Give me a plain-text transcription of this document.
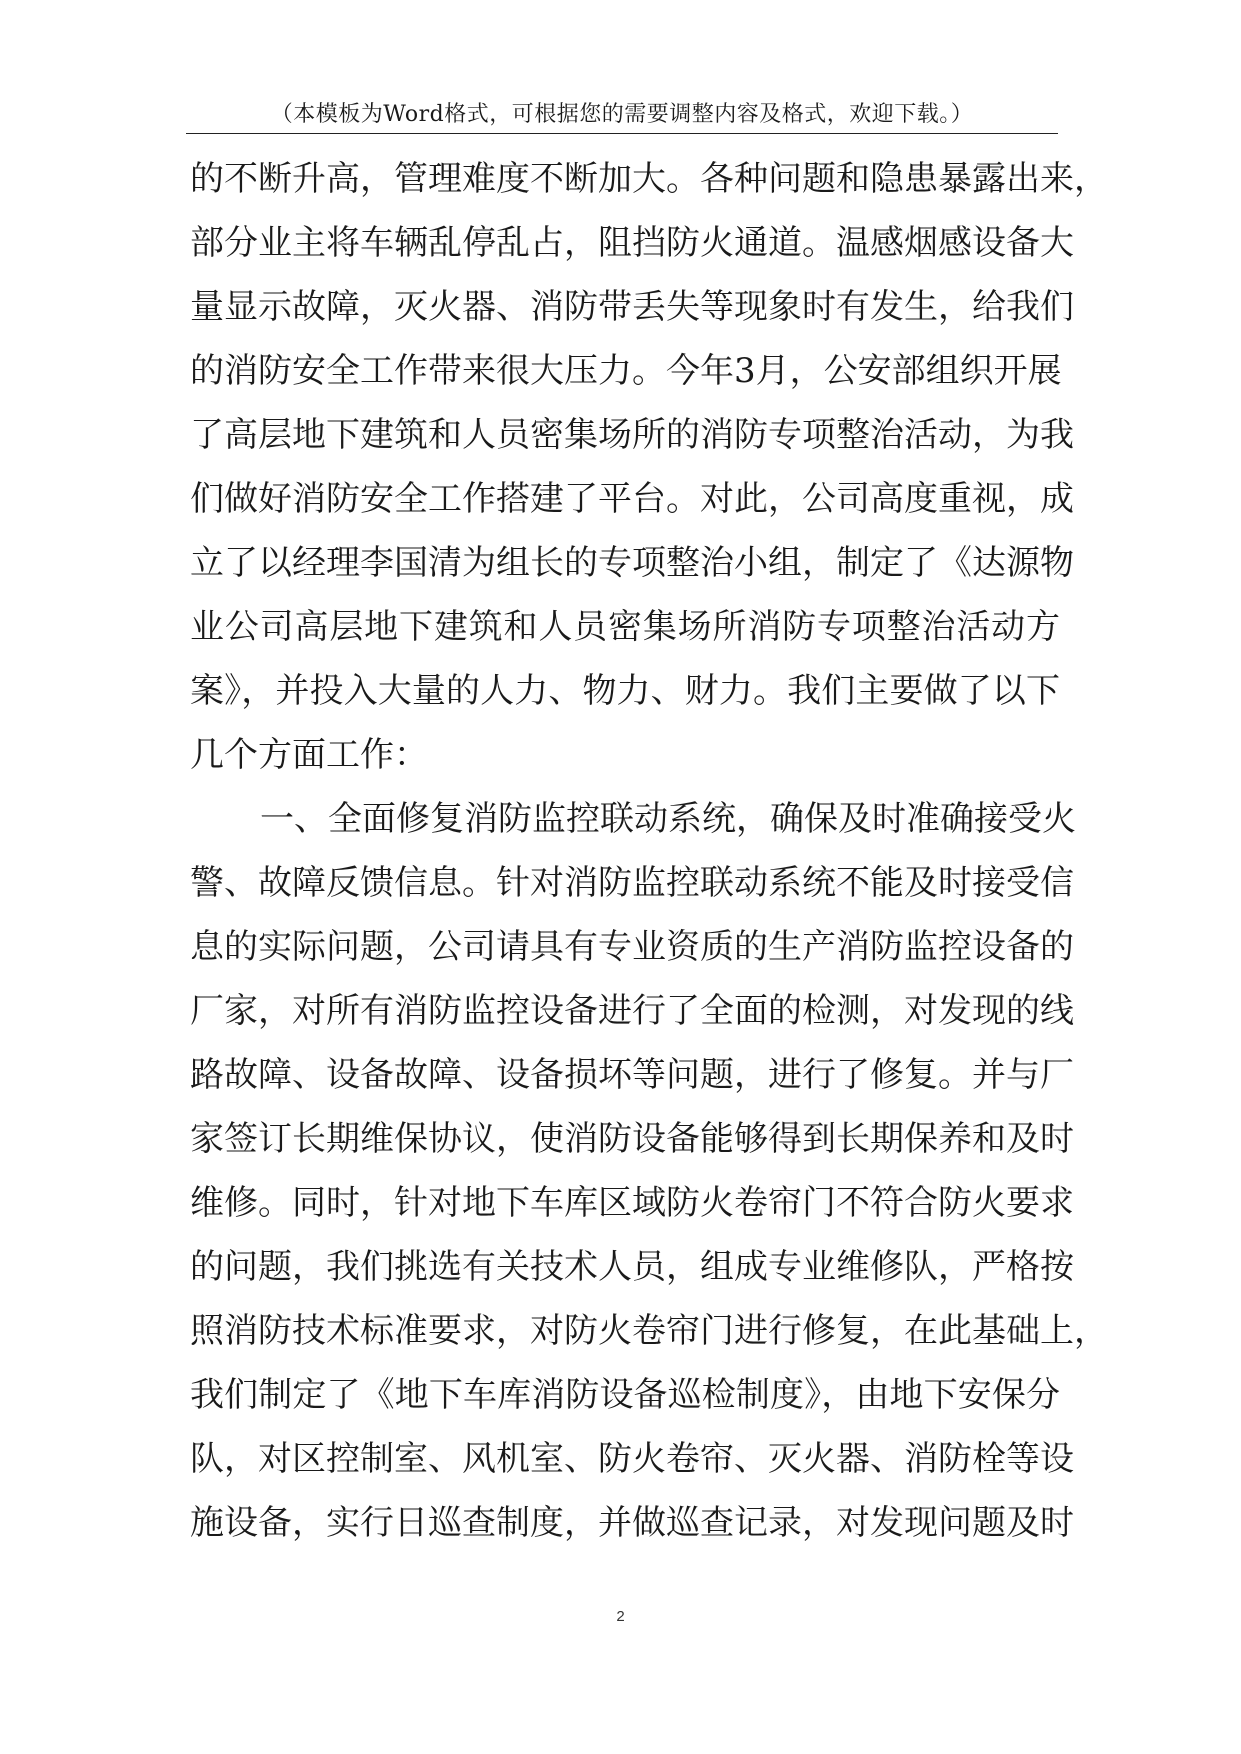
（本模板为Word格式，可根据您的需要调整内容及格式，欢迎下载。）
的不断升高，管理难度不断加大。各种问题和隐患暴露出来，
部分业主将车辆乱停乱占，阻挡防火通道。温感烟感设备大
量显示故障，灭火器、消防带丢失等现象时有发生，给我们
的消防安全工作带来很大压力。今年3月，公安部组织开展
了高层地下建筑和人员密集场所的消防专项整治活动，为我
们做好消防安全工作搭建了平台。对此，公司高度重视，成
立了以经理李国清为组长的专项整治小组，制定了《达源物
业公司高层地下建筑和人员密集场所消防专项整治活动方
案》，并投入大量的人力、物力、财力。我们主要做了以下
几个方面工作：
一、全面修复消防监控联动系统，确保及时准确接受火
警、故障反馈信息。针对消防监控联动系统不能及时接受信
息的实际问题，公司请具有专业资质的生产消防监控设备的
厂家，对所有消防监控设备进行了全面的检测，对发现的线
路故障、设备故障、设备损坏等问题，进行了修复。并与厂
家签订长期维保协议，使消防设备能够得到长期保养和及时
维修。同时，针对地下车库区域防火卷帘门不符合防火要求
的问题，我们挑选有关技术人员，组成专业维修队，严格按
照消防技术标准要求，对防火卷帘门进行修复，在此基础上，
我们制定了《地下车库消防设备巡检制度》，由地下安保分
队，对区控制室、风机室、防火卷帘、灭火器、消防栓等设
施设备，实行日巡查制度，并做巡查记录，对发现问题及时
2
